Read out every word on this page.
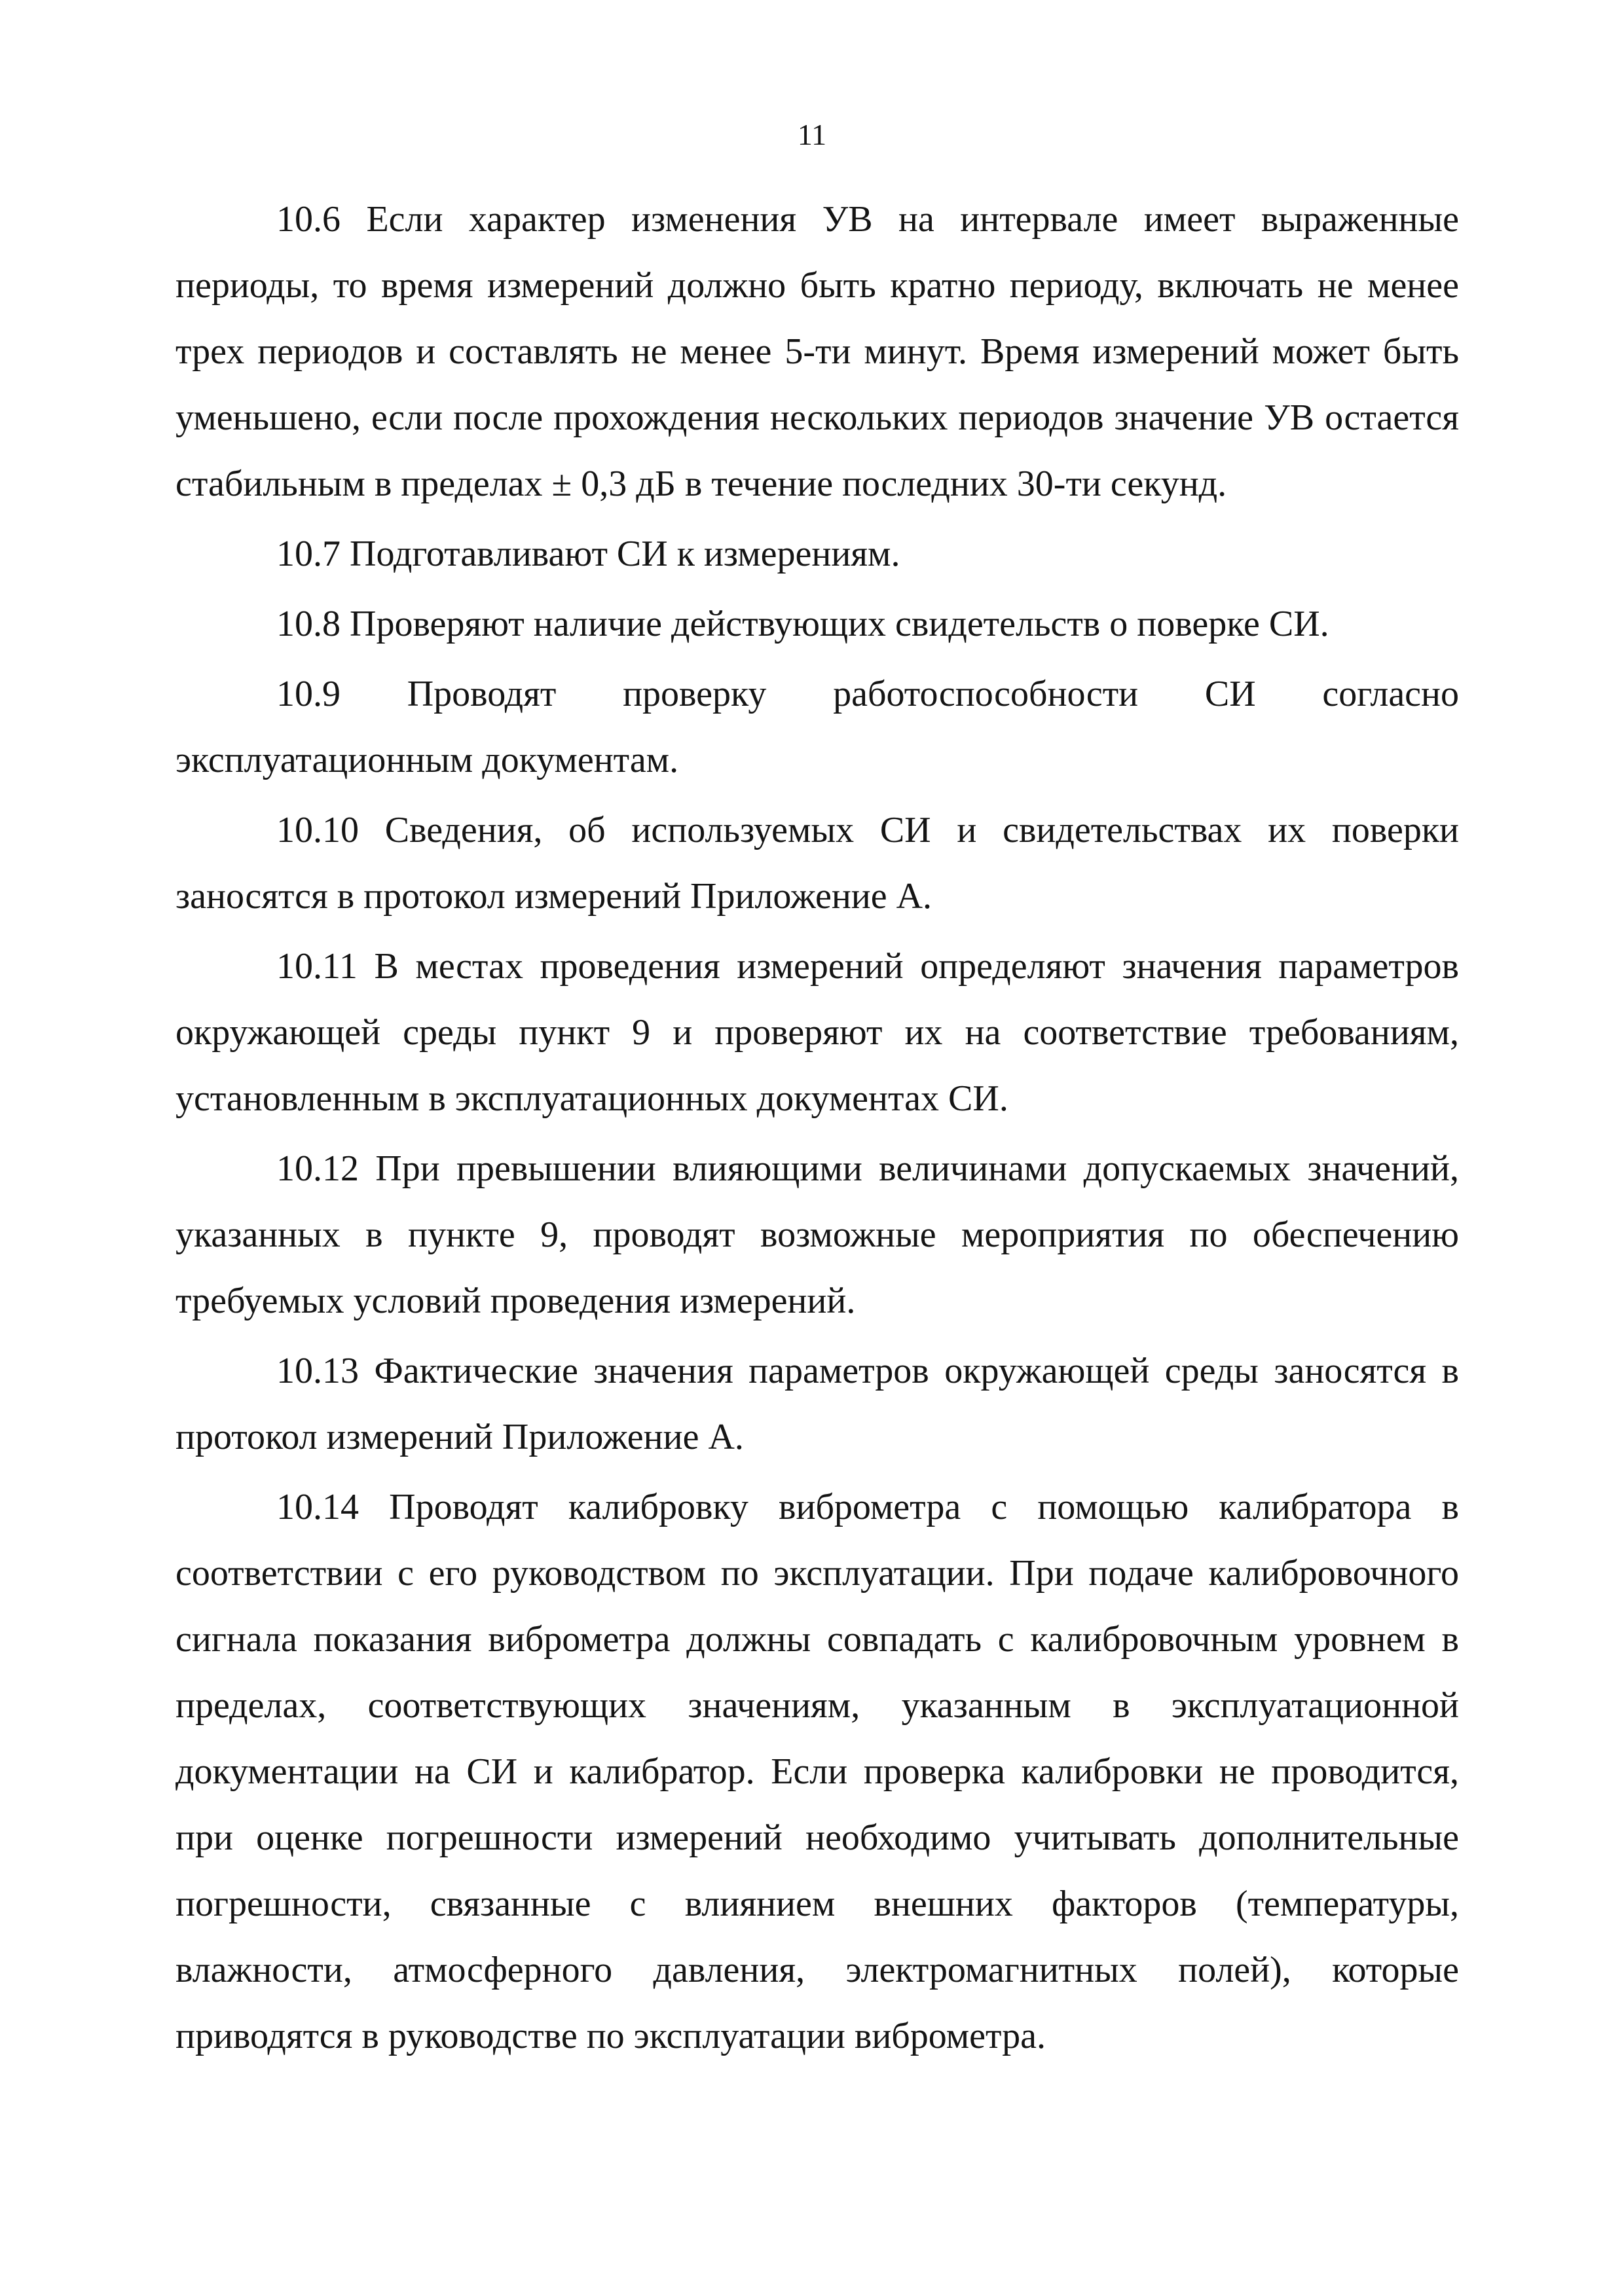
11

10.6 Если характер изменения УВ на интервале имеет выраженные периоды, то время измерений должно быть кратно периоду, включать не менее трех периодов и составлять не менее 5-ти минут. Время измерений может быть уменьшено, если после прохождения нескольких периодов значение УВ остается стабильным в пределах ± 0,3 дБ в течение последних 30-ти секунд.

10.7 Подготавливают СИ к измерениям.

10.8 Проверяют наличие действующих свидетельств о поверке СИ.

10.9 Проводят проверку работоспособности СИ согласно эксплуатационным документам.

10.10 Сведения, об используемых СИ и свидетельствах их поверки заносятся в протокол измерений Приложение А.

10.11 В местах проведения измерений определяют значения параметров окружающей среды пункт 9 и проверяют их на соответствие требованиям, установленным в эксплуатационных документах СИ.

10.12 При превышении влияющими величинами допускаемых значений, указанных в пункте 9, проводят возможные мероприятия по обеспечению требуемых условий проведения измерений.

10.13 Фактические значения параметров окружающей среды заносятся в протокол измерений Приложение А.

10.14 Проводят калибровку виброметра с помощью калибратора в соответствии с его руководством по эксплуатации. При подаче калибровочного сигнала показания виброметра должны совпадать с калибровочным уровнем в пределах, соответствующих значениям, указанным в эксплуатационной документации на СИ и калибратор. Если проверка калибровки не проводится, при оценке погрешности измерений необходимо учитывать дополнительные погрешности, связанные с влиянием внешних факторов (температуры, влажности, атмосферного давления, электромагнитных полей), которые приводятся в руководстве по эксплуатации виброметра.
